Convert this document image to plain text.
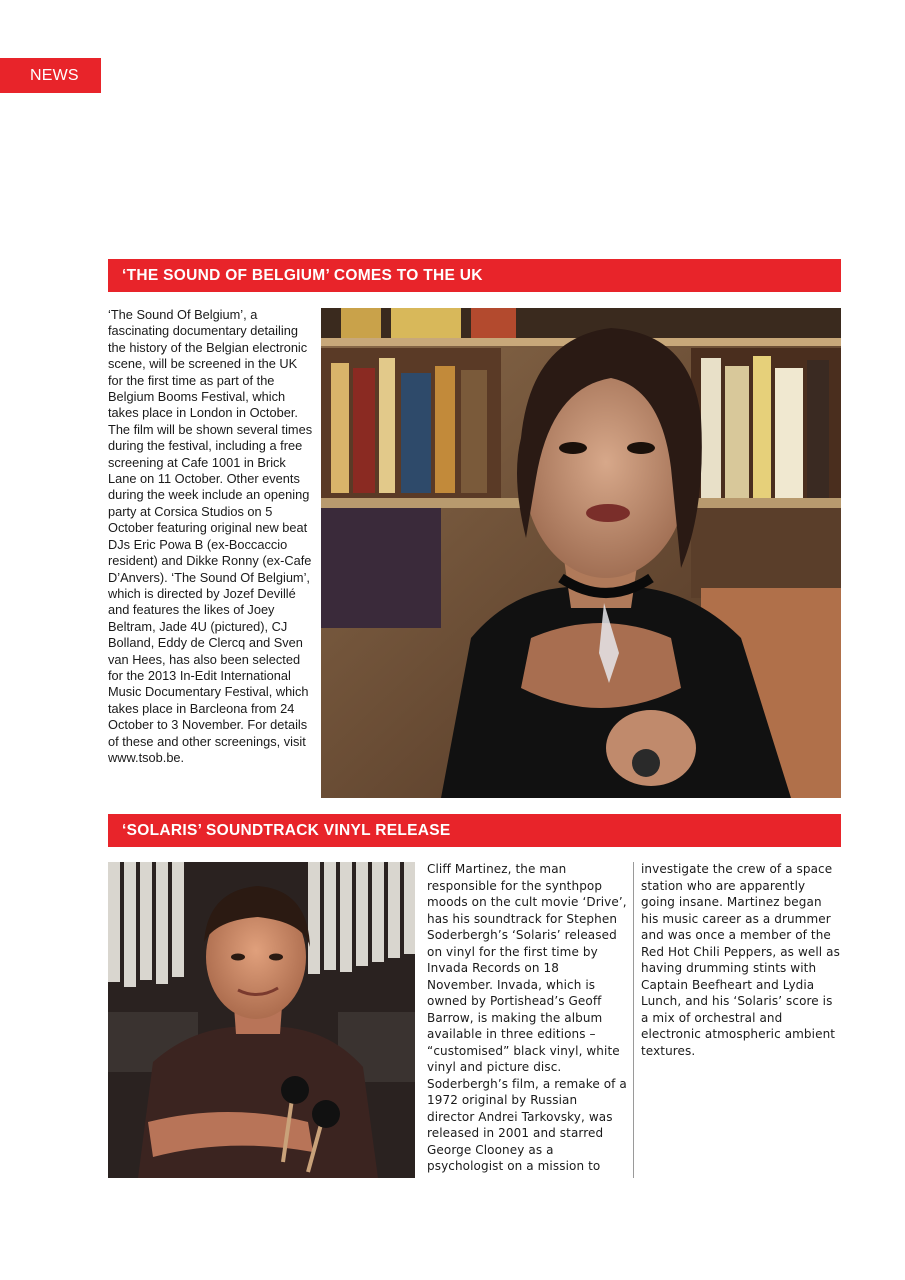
NEWS
‘THE SOUND OF BELGIUM’ COMES TO THE UK

‘The Sound Of Belgium’, a fascinating documentary detailing the history of the Belgian electronic scene, will be screened in the UK for the first time as part of the Belgium Booms Festival, which takes place in London in October. The film will be shown several times during the festival, including a free screening at Cafe 1001 in Brick Lane on 11 October. Other events during the week include an opening party at Corsica Studios on 5 October featuring original new beat DJs Eric Powa B (ex-Boccaccio resident) and Dikke Ronny (ex-Cafe D’Anvers). ‘The Sound Of Belgium’, which is directed by Jozef Devillé and features the likes of Joey Beltram, Jade 4U (pictured), CJ Bolland, Eddy de Clercq and Sven van Hees, has also been selected for the 2013 In-Edit International Music Documentary Festival, which takes place in Barcleona from 24 October to 3 November. For details of these and other screenings, visit www.tsob.be.

‘SOLARIS’ SOUNDTRACK VINYL RELEASE

Cliff Martinez, the man responsible for the synthpop moods on the cult movie ‘Drive’, has his soundtrack for Stephen Soderbergh’s ‘Solaris’ released on vinyl for the first time by Invada Records on 18 November. Invada, which is owned by Portishead’s Geoff Barrow, is making the album available in three editions – “customised” black vinyl, white vinyl and picture disc. Soderbergh’s film, a remake of a 1972 original by Russian director Andrei Tarkovsky, was released in 2001 and starred George Clooney as a psychologist on a mission to

investigate the crew of a space station who are apparently going insane. Martinez began his music career as a drummer and was once a member of the Red Hot Chili Peppers, as well as having drumming stints with Captain Beefheart and Lydia Lunch, and his ‘Solaris’ score is a mix of orchestral and electronic atmospheric ambient textures.
